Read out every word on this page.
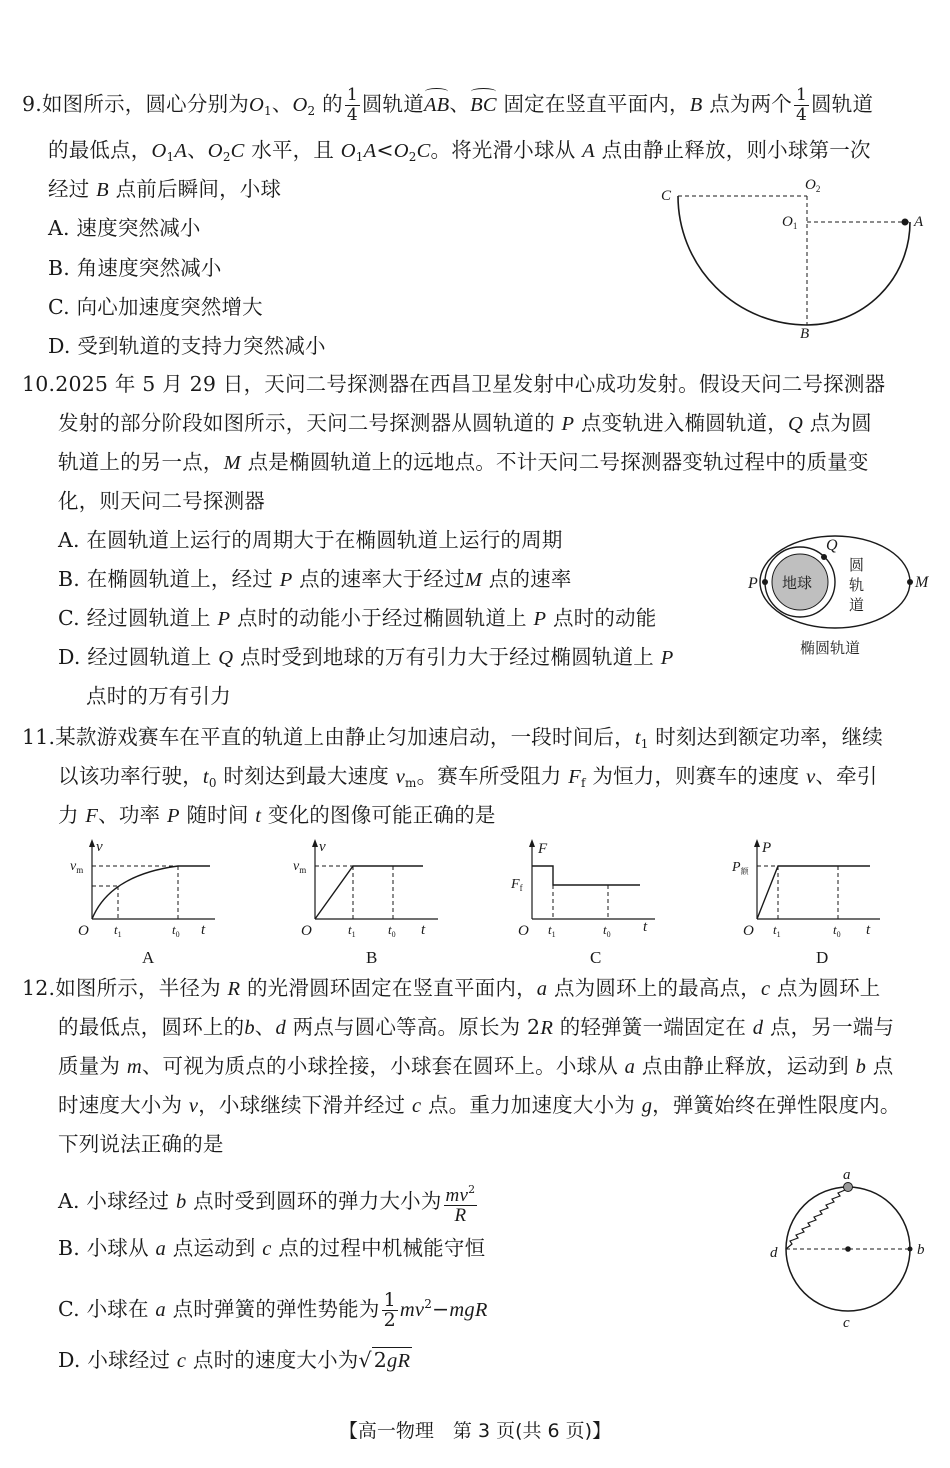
9.如图所示，圆心分别为$O_1$、$O_2$ 的 $\frac{1}{4}$ 圆轨道AB、BC 固定在竖直平面内，B 点为两个 $\frac{1}{4}$ 圆轨道
的最低点，$O_1A$、$O_2C$ 水平，且 $O_1A<O_2C$。将光滑小球从 A 点由静止释放，则小球第一次
经过 B 点前后瞬间，小球
A. 速度突然减小
B. 角速度突然减小
C. 向心加速度突然增大
D. 受到轨道的支持力突然减小
C
$O_2$
$O_1$	A
B
10.2025 年 5 月 29 日，天问二号探测器在西昌卫星发射中心成功发射。假设天问二号探测器
发射的部分阶段如图所示，天问二号探测器从圆轨道的 P 点变轨进入椭圆轨道，Q 点为圆
轨道上的另一点，M 点是椭圆轨道上的远地点。不计天问二号探测器变轨过程中的质量变
化，则天问二号探测器
A. 在圆轨道上运行的周期大于在椭圆轨道上运行的周期
B. 在椭圆轨道上，经过 P 点的速率大于经过M 点的速率
C. 经过圆轨道上 P 点时的动能小于经过椭圆轨道上 P 点时的动能
D. 经过圆轨道上 Q 点时受到地球的万有引力大于经过椭圆轨道上 P
点时的万有引力
地球
P
Q
M
圆
轨
道
椭圆轨道
11.某款游戏赛车在平直的轨道上由静止匀加速启动，一段时间后，$t_1$ 时刻达到额定功率，继续
以该功率行驶，$t_0$ 时刻达到最大速度 $v_m$。赛车所受阻力 $F_f$ 为恒力，则赛车的速度 v、牵引
力 F、功率 P 随时间 t 变化的图像可能正确的是
v
$v_m$
O $t_1$	$t_0$ t
A
v
$v_m$
O	$t_1$ $t_0$ t
B
F
$F_f$
O $t_1$	$t_0$ t
C
P
$P_额$
O $t_1$	$t_0$ t
D
12.如图所示，半径为 R 的光滑圆环固定在竖直平面内，a 点为圆环上的最高点，c 点为圆环上
的最低点，圆环上的b、d 两点与圆心等高。原长为 2R 的轻弹簧一端固定在 d 点，另一端与
质量为 m、可视为质点的小球拴接，小球套在圆环上。小球从 a 点由静止释放，运动到 b 点
时速度大小为 v，小球继续下滑并经过 c 点。重力加速度大小为 g，弹簧始终在弹性限度内。
下列说法正确的是
A. 小球经过 b 点时受到圆环的弹力大小为 $\frac{mv^2}{R}$
B. 小球从 a 点运动到 c 点的过程中机械能守恒
C. 小球在 a 点时弹簧的弹性势能为 $\frac{1}{2} mv^2-mgR$
D. 小球经过 c 点时的速度大小为√2gR
a
b
c
d
【高一物理　第 3 页(共 6 页)】
